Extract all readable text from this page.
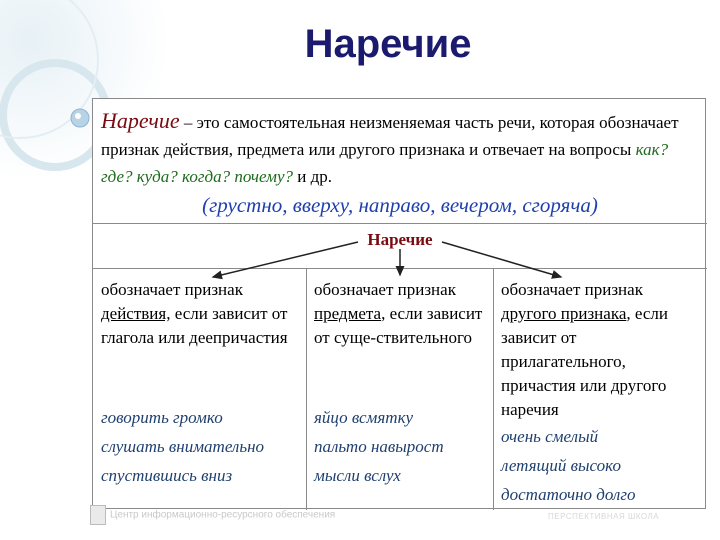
Наречие
Наречие – это самостоятельная неизменяемая часть речи, которая обозначает признак действия, предмета или другого признака и отвечает на вопросы как? где? куда? когда? почему? и др.
(грустно, вверху, направо, вечером, сгоряча)
Наречие
обозначает признак действия, если зависит от глагола или деепричастия
говорить громко
слушать внимательно
спустившись вниз
обозначает признак предмета, если зависит от суще-ствительного
яйцо всмятку
пальто навырост
мысли вслух
обозначает признак другого признака, если зависит от прилагательного, причастия или другого наречия
очень смелый
летящий высоко
достаточно долго
Центр информационно-ресурсного обеспечения	ПЕРСПЕКТИВНАЯ ШКОЛА
